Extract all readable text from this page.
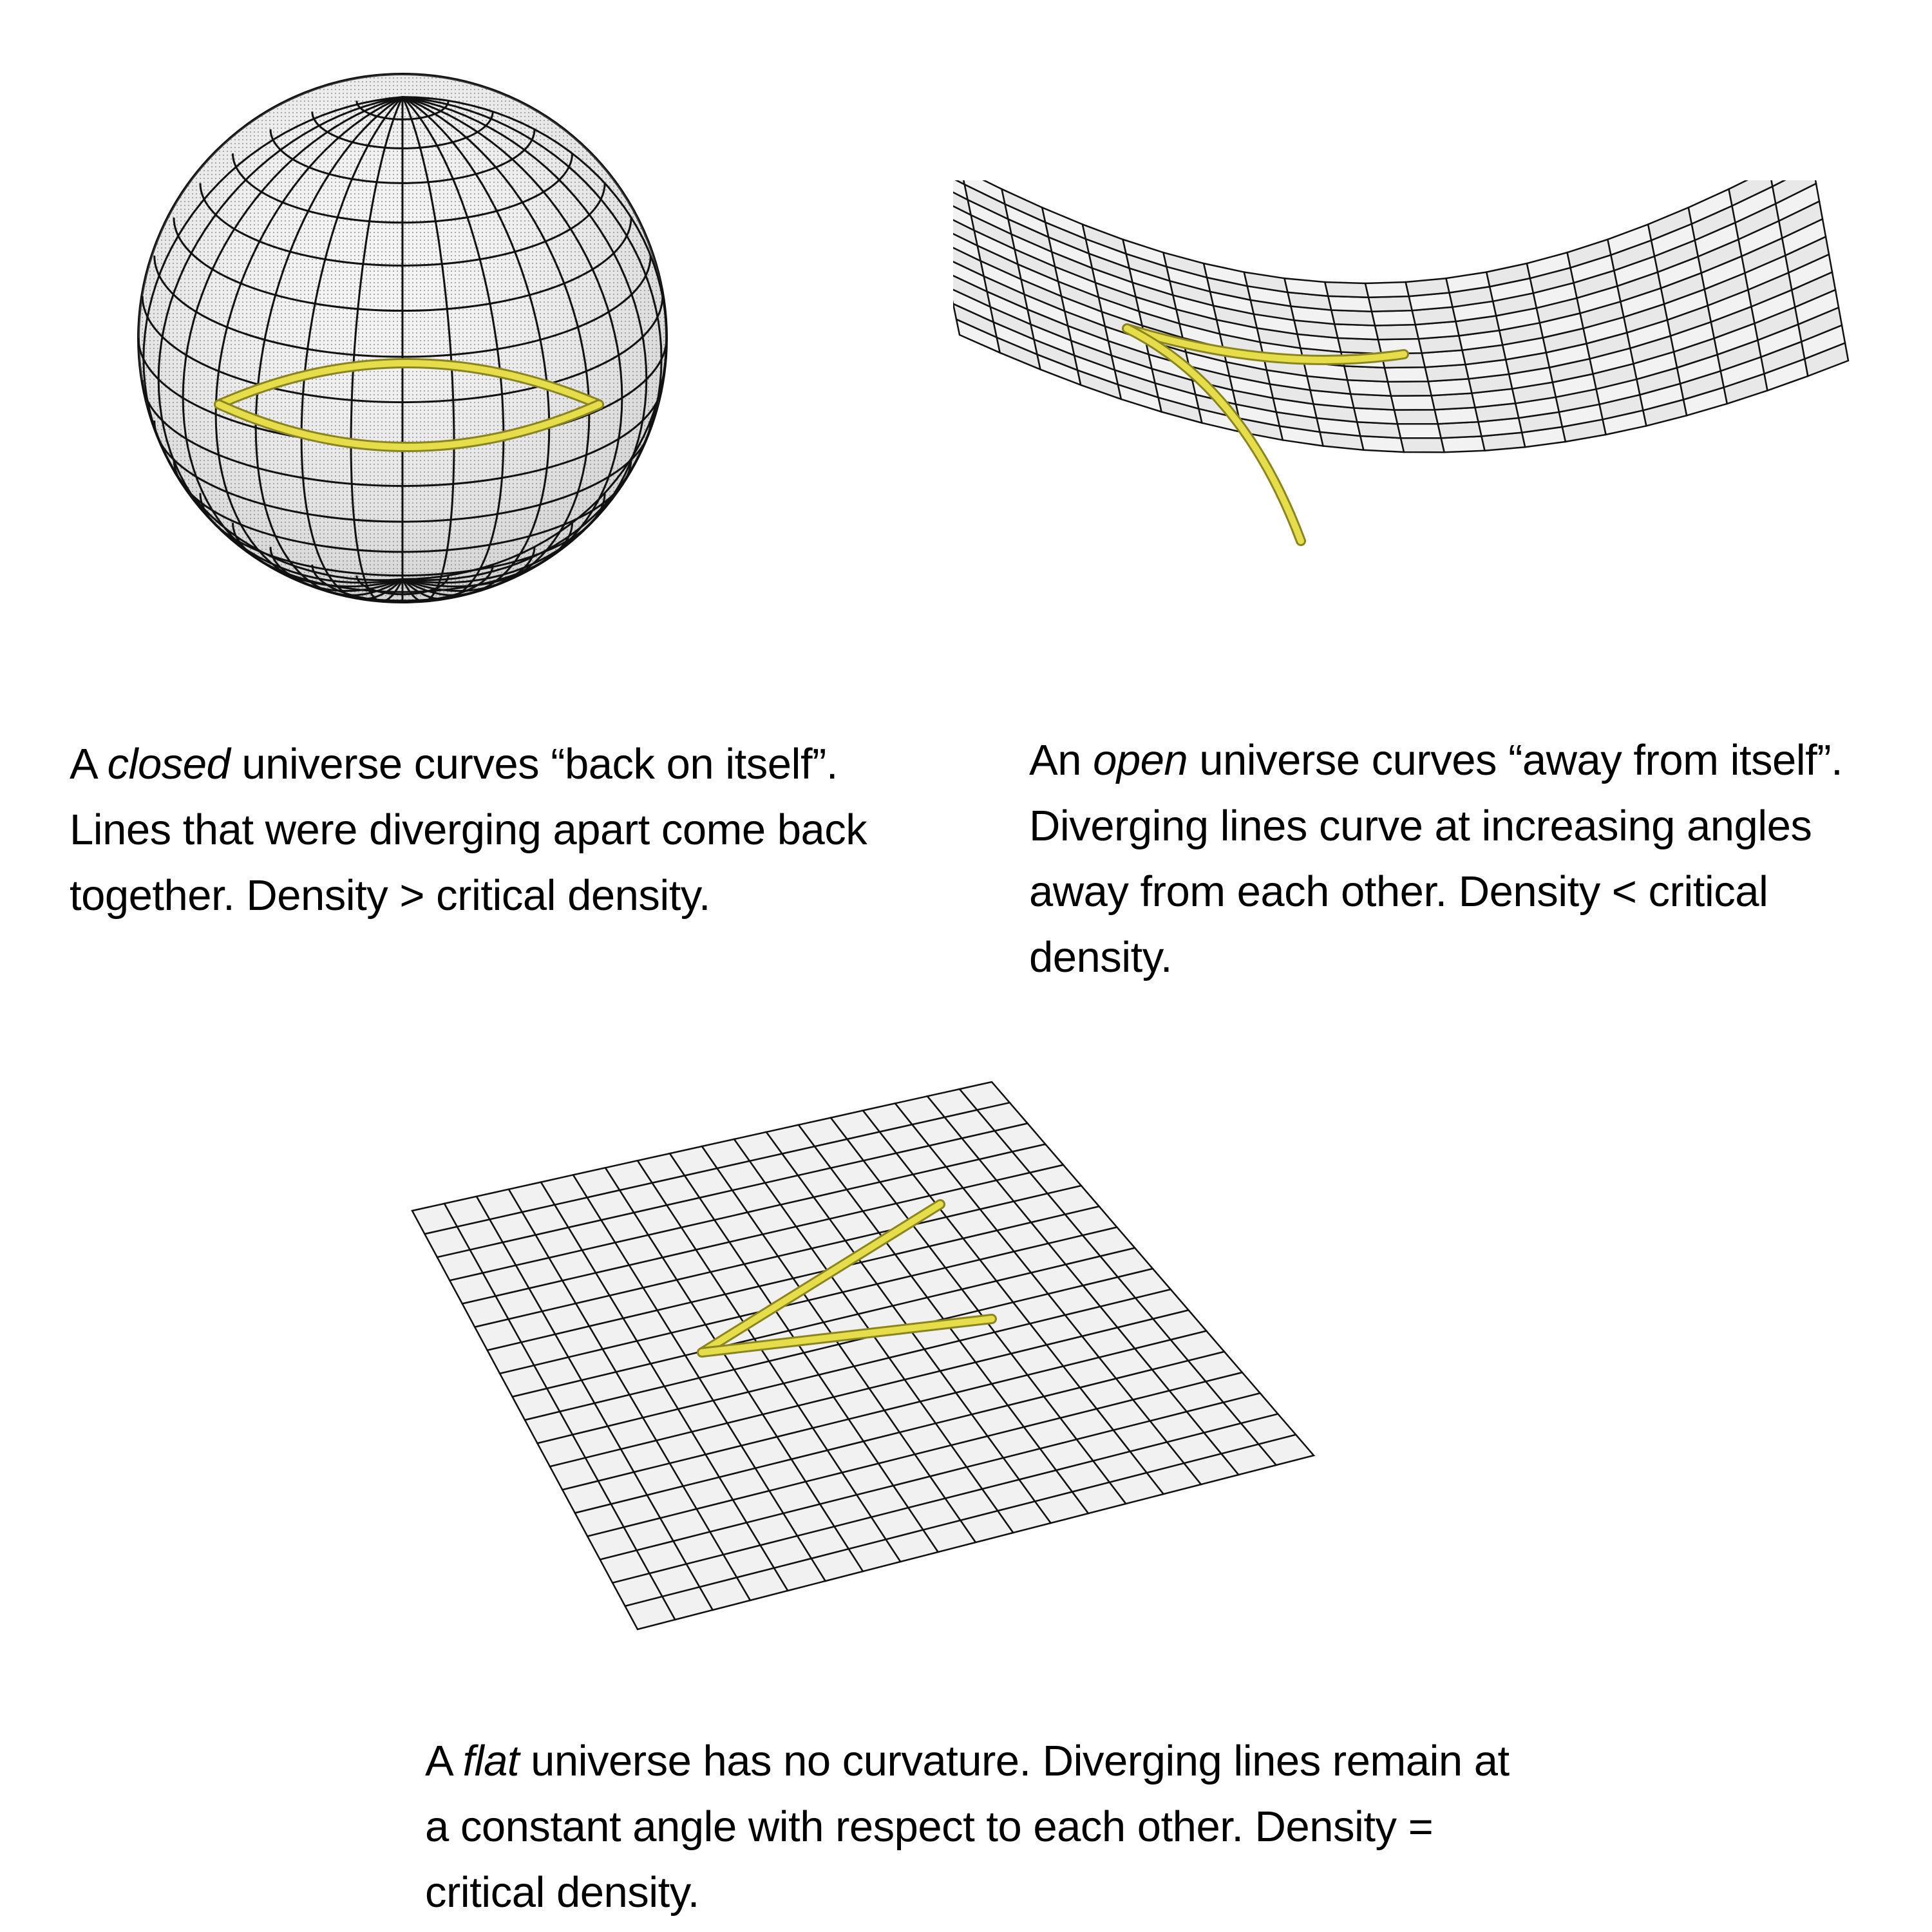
A closed universe curves “back on itself”. Lines that were diverging apart come back together. Density > critical density.

An open universe curves “away from itself”. Diverging lines curve at increasing angles away from each other. Density < critical density.

A flat universe has no curvature. Diverging lines remain at a constant angle with respect to each other. Density = critical density.
